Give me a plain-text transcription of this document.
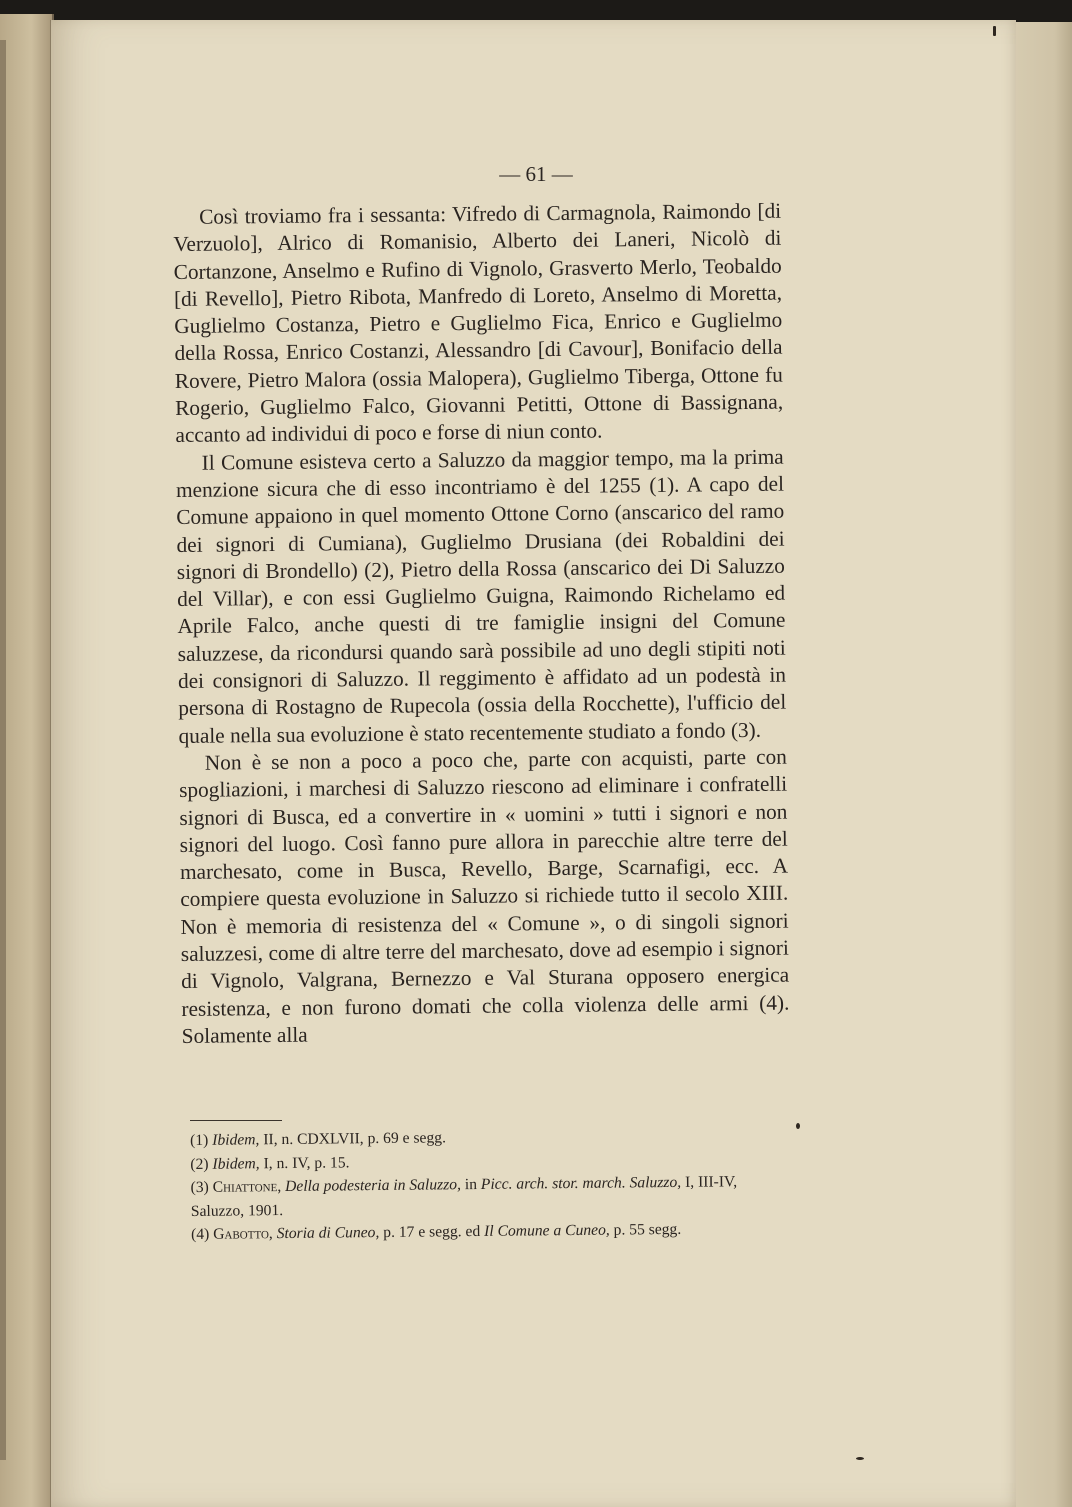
— 61 —

Così troviamo fra i sessanta: Vifredo di Carmagnola, Raimondo [di Verzuolo], Alrico di Romanisio, Alberto dei Laneri, Nicolò di Cortanzone, Anselmo e Rufino di Vignolo, Grasverto Merlo, Teobaldo [di Revello], Pietro Ribota, Manfredo di Loreto, Anselmo di Moretta, Guglielmo Costanza, Pietro e Guglielmo Fica, Enrico e Guglielmo della Rossa, Enrico Costanzi, Alessandro [di Cavour], Bonifacio della Rovere, Pietro Malora (ossia Malopera), Guglielmo Tiberga, Ottone fu Rogerio, Guglielmo Falco, Giovanni Petitti, Ottone di Bassignana, accanto ad individui di poco e forse di niun conto.

Il Comune esisteva certo a Saluzzo da maggior tempo, ma la prima menzione sicura che di esso incontriamo è del 1255 (1). A capo del Comune appaiono in quel momento Ottone Corno (anscarico del ramo dei signori di Cumiana), Guglielmo Drusiana (dei Robaldini dei signori di Brondello) (2), Pietro della Rossa (anscarico dei Di Saluzzo del Villar), e con essi Guglielmo Guigna, Raimondo Richelamo ed Aprile Falco, anche questi di tre famiglie insigni del Comune saluzzese, da ricondursi quando sarà possibile ad uno degli stipiti noti dei consignori di Saluzzo. Il reggimento è affidato ad un podestà in persona di Rostagno de Rupecola (ossia della Rocchette), l'ufficio del quale nella sua evoluzione è stato recentemente studiato a fondo (3).

Non è se non a poco a poco che, parte con acquisti, parte con spogliazioni, i marchesi di Saluzzo riescono ad eliminare i confratelli signori di Busca, ed a convertire in « uomini » tutti i signori e non signori del luogo. Così fanno pure allora in parecchie altre terre del marchesato, come in Busca, Revello, Barge, Scarnafigi, ecc. A compiere questa evoluzione in Saluzzo si richiede tutto il secolo XIII. Non è memoria di resistenza del « Comune », o di singoli signori saluzzesi, come di altre terre del marchesato, dove ad esempio i signori di Vignolo, Valgrana, Bernezzo e Val Sturana opposero energica resistenza, e non furono domati che colla violenza delle armi (4). Solamente alla

(1) Ibidem, II, n. CDXLVII, p. 69 e segg.

(2) Ibidem, I, n. IV, p. 15.

(3) Chiattone, Della podesteria in Saluzzo, in Picc. arch. stor. march. Saluzzo, I, III-IV, Saluzzo, 1901.

(4) Gabotto, Storia di Cuneo, p. 17 e segg. ed Il Comune a Cuneo, p. 55 segg.
